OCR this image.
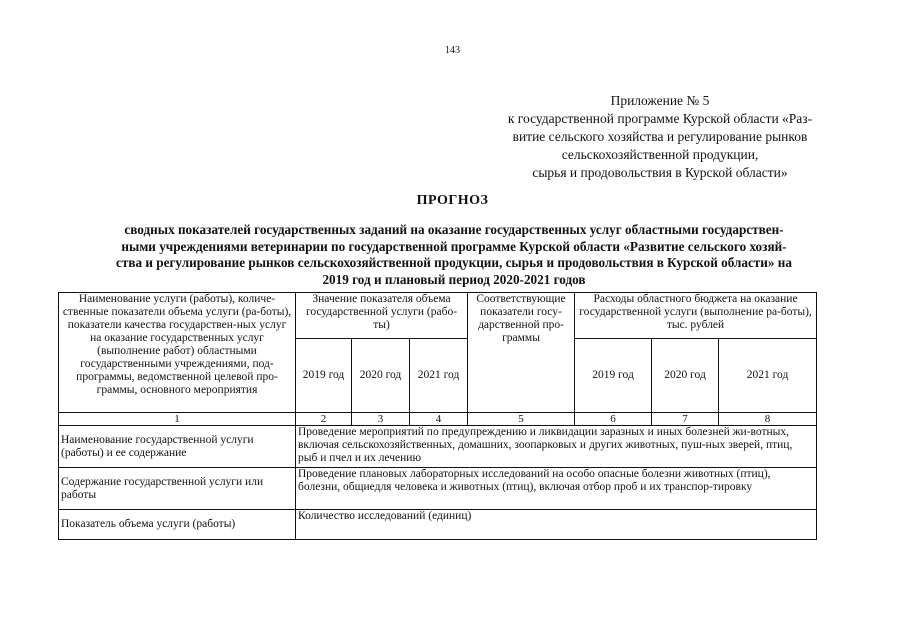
143
Приложение № 5
к государственной программе Курской области «Раз-
витие сельского хозяйства и регулирование рынков
сельскохозяйственной продукции,
сырья и продовольствия в Курской области»
ПРОГНОЗ
сводных показателей государственных заданий на оказание государственных услуг областными государствен-
ными учреждениями ветеринарии по государственной программе Курской области «Развитие сельского хозяй-
ства и регулирование рынков сельскохозяйственной продукции, сырья и продовольствия в Курской области» на
2019 год и плановый период 2020-2021 годов
Наименование услуги (работы), количе-ственные показатели объема услуги (ра-боты), показатели качества государствен-ных услуг на оказание государственных услуг (выполнение работ) областными государственными учреждениями, под-программы, ведомственной целевой про-граммы, основного мероприятия	Значение показателя объема государственной услуги (рабо-ты)			Соответствующие показатели госу-дарственной про-граммы	Расходы областного бюджета на оказание государственной услуги (выполнение ра-боты), тыс. рублей		
	2019 год	2020 год	2021 год		2019 год	2020 год	2021 год
1	2	3	4	5	6	7	8
Наименование государственной услуги (работы) и ее содержание	Проведение мероприятий по предупреждению и ликвидации заразных и иных болезней жи-вотных, включая сельскохозяйственных, домашних, зоопарковых и других животных, пуш-ных зверей, птиц, рыб и пчел и их лечению						
Содержание государственной услуги или работы	Проведение плановых лабораторных исследований на особо опасные болезни животных (птиц), болезни, общиедля человека и животных (птиц), включая отбор проб и их транспор-тировку						
Показатель объема услуги (работы)	Количество исследований (единиц)						
